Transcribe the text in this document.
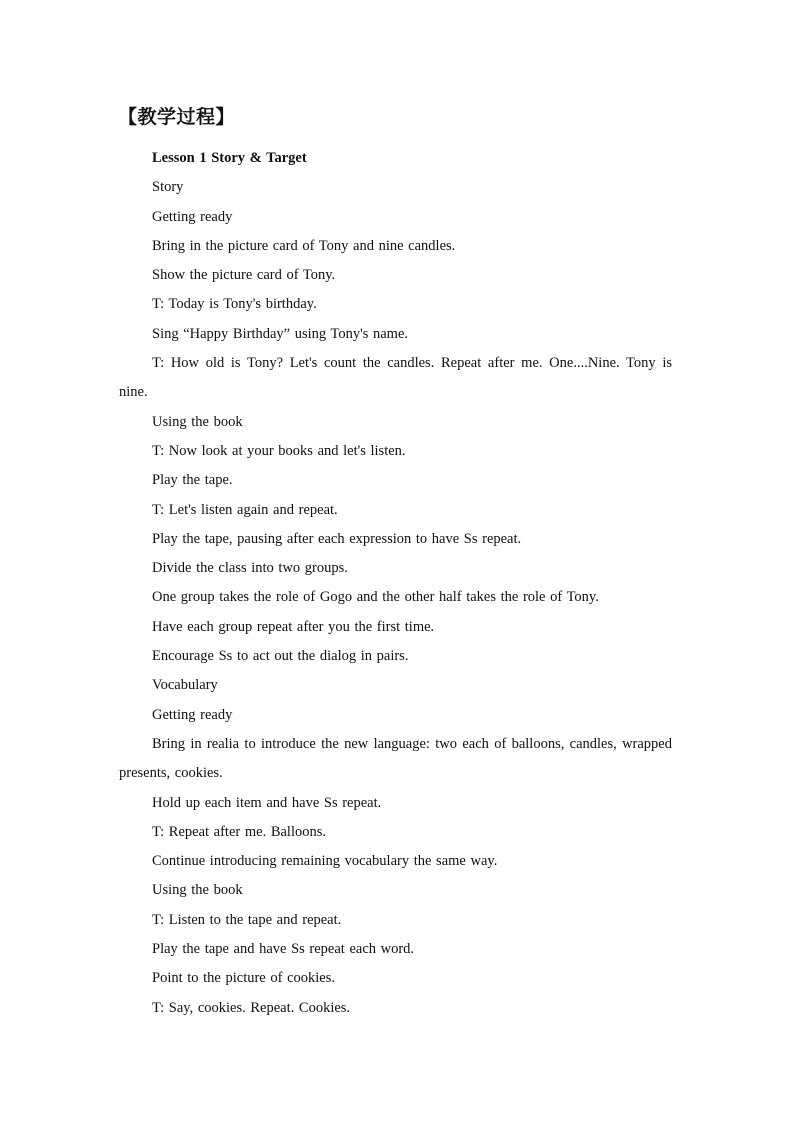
【教学过程】

Lesson 1 Story & Target

Story

Getting ready

Bring in the picture card of Tony and nine candles.

Show the picture card of Tony.

T: Today is Tony's birthday.

Sing “Happy Birthday” using Tony's name.

T: How old is Tony? Let's count the candles. Repeat after me. One....Nine. Tony is nine.

Using the book

T: Now look at your books and let's listen.

Play the tape.

T: Let's listen again and repeat.

Play the tape, pausing after each expression to have Ss repeat.

Divide the class into two groups.

One group takes the role of Gogo and the other half takes the role of Tony.

Have each group repeat after you the first time.

Encourage Ss to act out the dialog in pairs.

Vocabulary

Getting ready

Bring in realia to introduce the new language: two each of balloons, candles, wrapped presents, cookies.

Hold up each item and have Ss repeat.

T: Repeat after me. Balloons.

Continue introducing remaining vocabulary the same way.

Using the book

T: Listen to the tape and repeat.

Play the tape and have Ss repeat each word.

Point to the picture of cookies.

T: Say, cookies. Repeat. Cookies.
